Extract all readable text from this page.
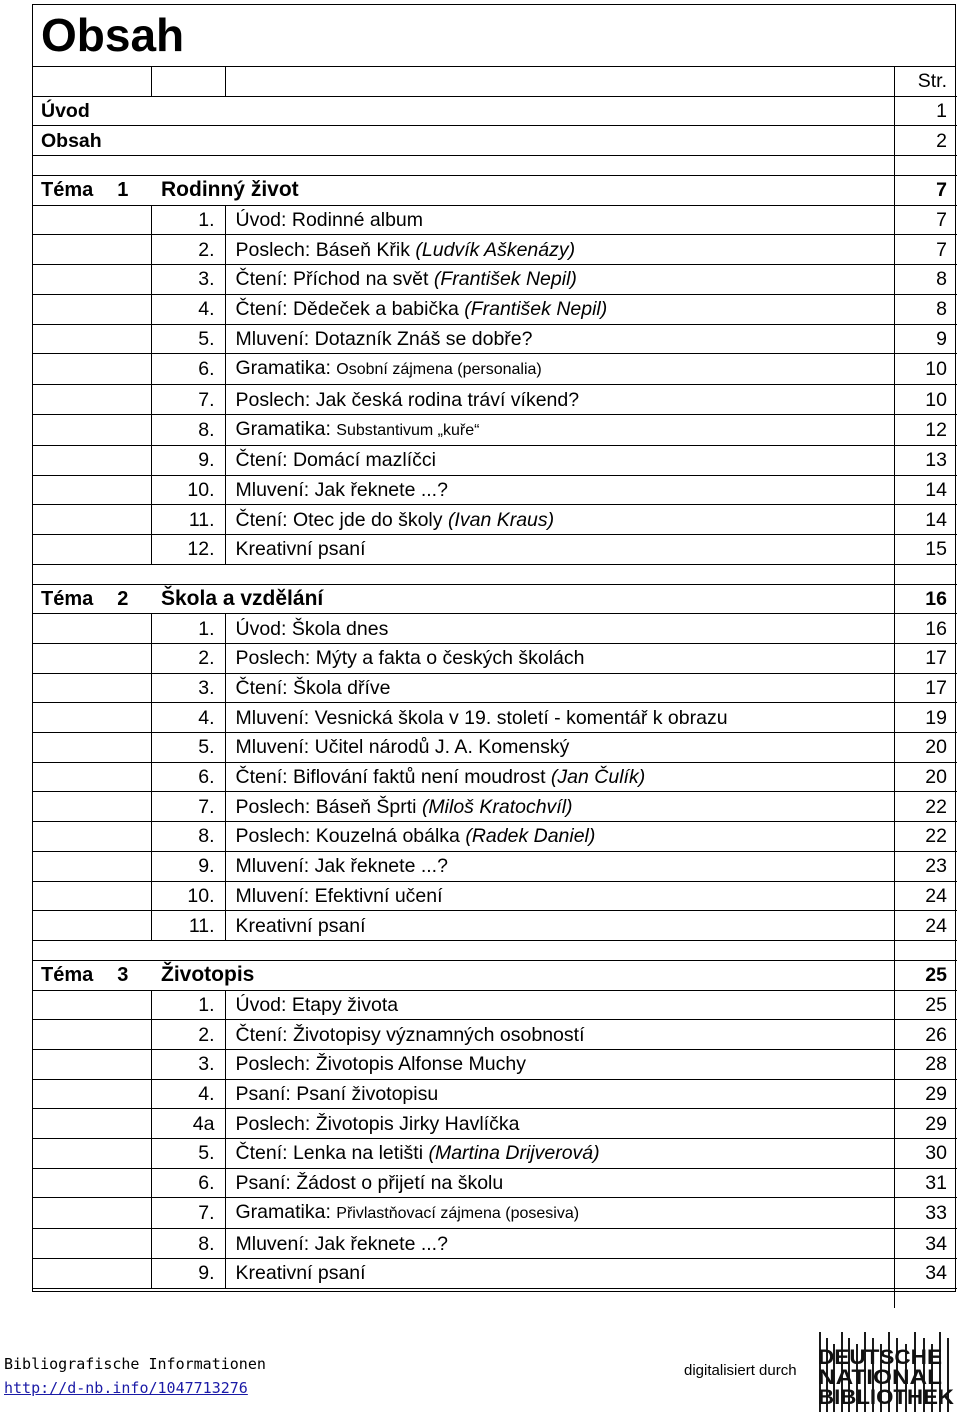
Obsah
			Str.
Úvod			1
Obsah			2

Téma 1	Rodinný život		7
	1.	Úvod: Rodinné album	7
	2.	Poslech: Báseň Křik (Ludvík Aškenázy)	7
	3.	Čtení: Příchod na svět (František Nepil)	8
	4.	Čtení: Dědeček a babička (František Nepil)	8
	5.	Mluvení: Dotazník Znáš se dobře?	9
	6.	Gramatika: Osobní zájmena (personalia)	10
	7.	Poslech: Jak česká rodina tráví víkend?	10
	8.	Gramatika: Substantivum „kuře“	12
	9.	Čtení: Domácí mazlíčci	13
	10.	Mluvení: Jak řeknete ...?	14
	11.	Čtení: Otec jde do školy (Ivan Kraus)	14
	12.	Kreativní psaní	15

Téma 2	Škola a vzdělání		16
	1.	Úvod: Škola dnes	16
	2.	Poslech: Mýty a fakta o českých školách	17
	3.	Čtení: Škola dříve	17
	4.	Mluvení: Vesnická škola v 19. století - komentář k obrazu	19
	5.	Mluvení: Učitel národů J. A. Komenský	20
	6.	Čtení: Biflování faktů není moudrost (Jan Čulík)	20
	7.	Poslech: Báseň Šprti (Miloš Kratochvíl)	22
	8.	Poslech: Kouzelná obálka (Radek Daniel)	22
	9.	Mluvení: Jak řeknete ...?	23
	10.	Mluvení: Efektivní učení	24
	11.	Kreativní psaní	24

Téma 3	Životopis		25
	1.	Úvod: Etapy života	25
	2.	Čtení: Životopisy významných osobností	26
	3.	Poslech: Životopis Alfonse Muchy	28
	4.	Psaní: Psaní životopisu	29
	4a	Poslech: Životopis Jirky Havlíčka	29
	5.	Čtení: Lenka na letišti (Martina Drijverová)	30
	6.	Psaní: Žádost o přijetí na školu	31
	7.	Gramatika: Přivlastňovací zájmena (posesiva)	33
	8.	Mluvení: Jak řeknete ...?	34
	9.	Kreativní psaní	34

Bibliografische Informationen
http://d-nb.info/1047713276
digitalisiert durch
DEUTSCHE
NATIONAL
BIBLIOTHEK
